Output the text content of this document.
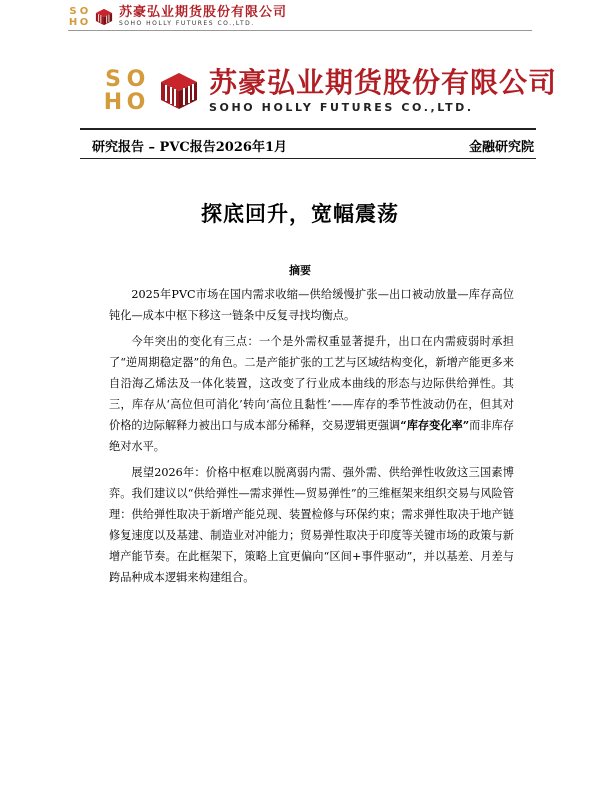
S O
H O
苏豪弘业期货股份有限公司
SOHO HOLLY FUTURES CO.,LTD.
S O
H O
苏豪弘业期货股份有限公司
SOHO HOLLY FUTURES CO.,LTD.
研究报告 – PVC报告2026年1月	金融研究院
探底回升，宽幅震荡
摘要

2025年PVC市场在国内需求收缩—供给缓慢扩张—出口被动放量—库存高位钝化—成本中枢下移这一链条中反复寻找均衡点。

今年突出的变化有三点：一个是外需权重显著提升，出口在内需疲弱时承担了“逆周期稳定器”的角色。二是产能扩张的工艺与区域结构变化，新增产能更多来自沿海乙烯法及一体化装置，这改变了行业成本曲线的形态与边际供给弹性。其三，库存从‘高位但可消化’转向‘高位且黏性’——库存的季节性波动仍在，但其对价格的边际解释力被出口与成本部分稀释，交易逻辑更强调“库存变化率”而非库存绝对水平。

展望2026年：价格中枢难以脱离弱内需、强外需、供给弹性收敛这三国素博弈。我们建议以“供给弹性—需求弹性—贸易弹性”的三维框架来组织交易与风险管理：供给弹性取决于新增产能兑现、装置检修与环保约束；需求弹性取决于地产链修复速度以及基建、制造业对冲能力；贸易弹性取决于印度等关键市场的政策与新增产能节奏。在此框架下，策略上宜更偏向“区间+事件驱动”，并以基差、月差与跨品种成本逻辑来构建组合。
